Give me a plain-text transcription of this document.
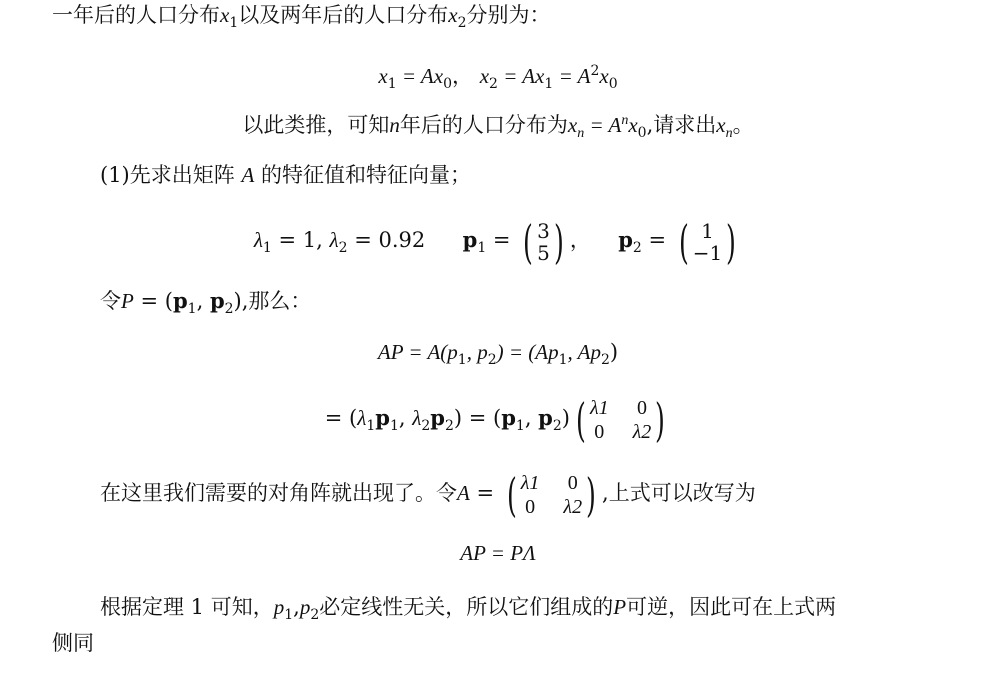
一年后的人口分布$x_1$以及两年后的人口分布$x_2$分别为：
$x_1 = Ax_0$， $x_2 = Ax_1 = A^2x_0$
以此类推，可知n年后的人口分布为$x_n = A^nx_0$,请求出$x_n$。
(1)先求出矩阵 A 的特征值和特征向量；
$\lambda_1 = 1$, $\lambda_2 = 0.92$ $p_1$ = ( 3
5 ) ， $p_2$ = ( 1
−1 )
令$P = (p_1$, $p_2$),那么：
AP = $A(p_1$, $p_2) = (Ap_1$, $Ap_2$)
= ($\lambda_1p_1$, $\lambda_2p_2) = (p_1$, $p_2$) ( λ1 0
0 λ2 )
在这里我们需要的对角阵就出现了。令A = ( λ1 0
0 λ2 ) ,上式可以改写为
AP = PΛ
根据定理 1 可知，$p_1,p_2$必定线性无关，所以它们组成的P可逆，因此可在上式两
侧同
